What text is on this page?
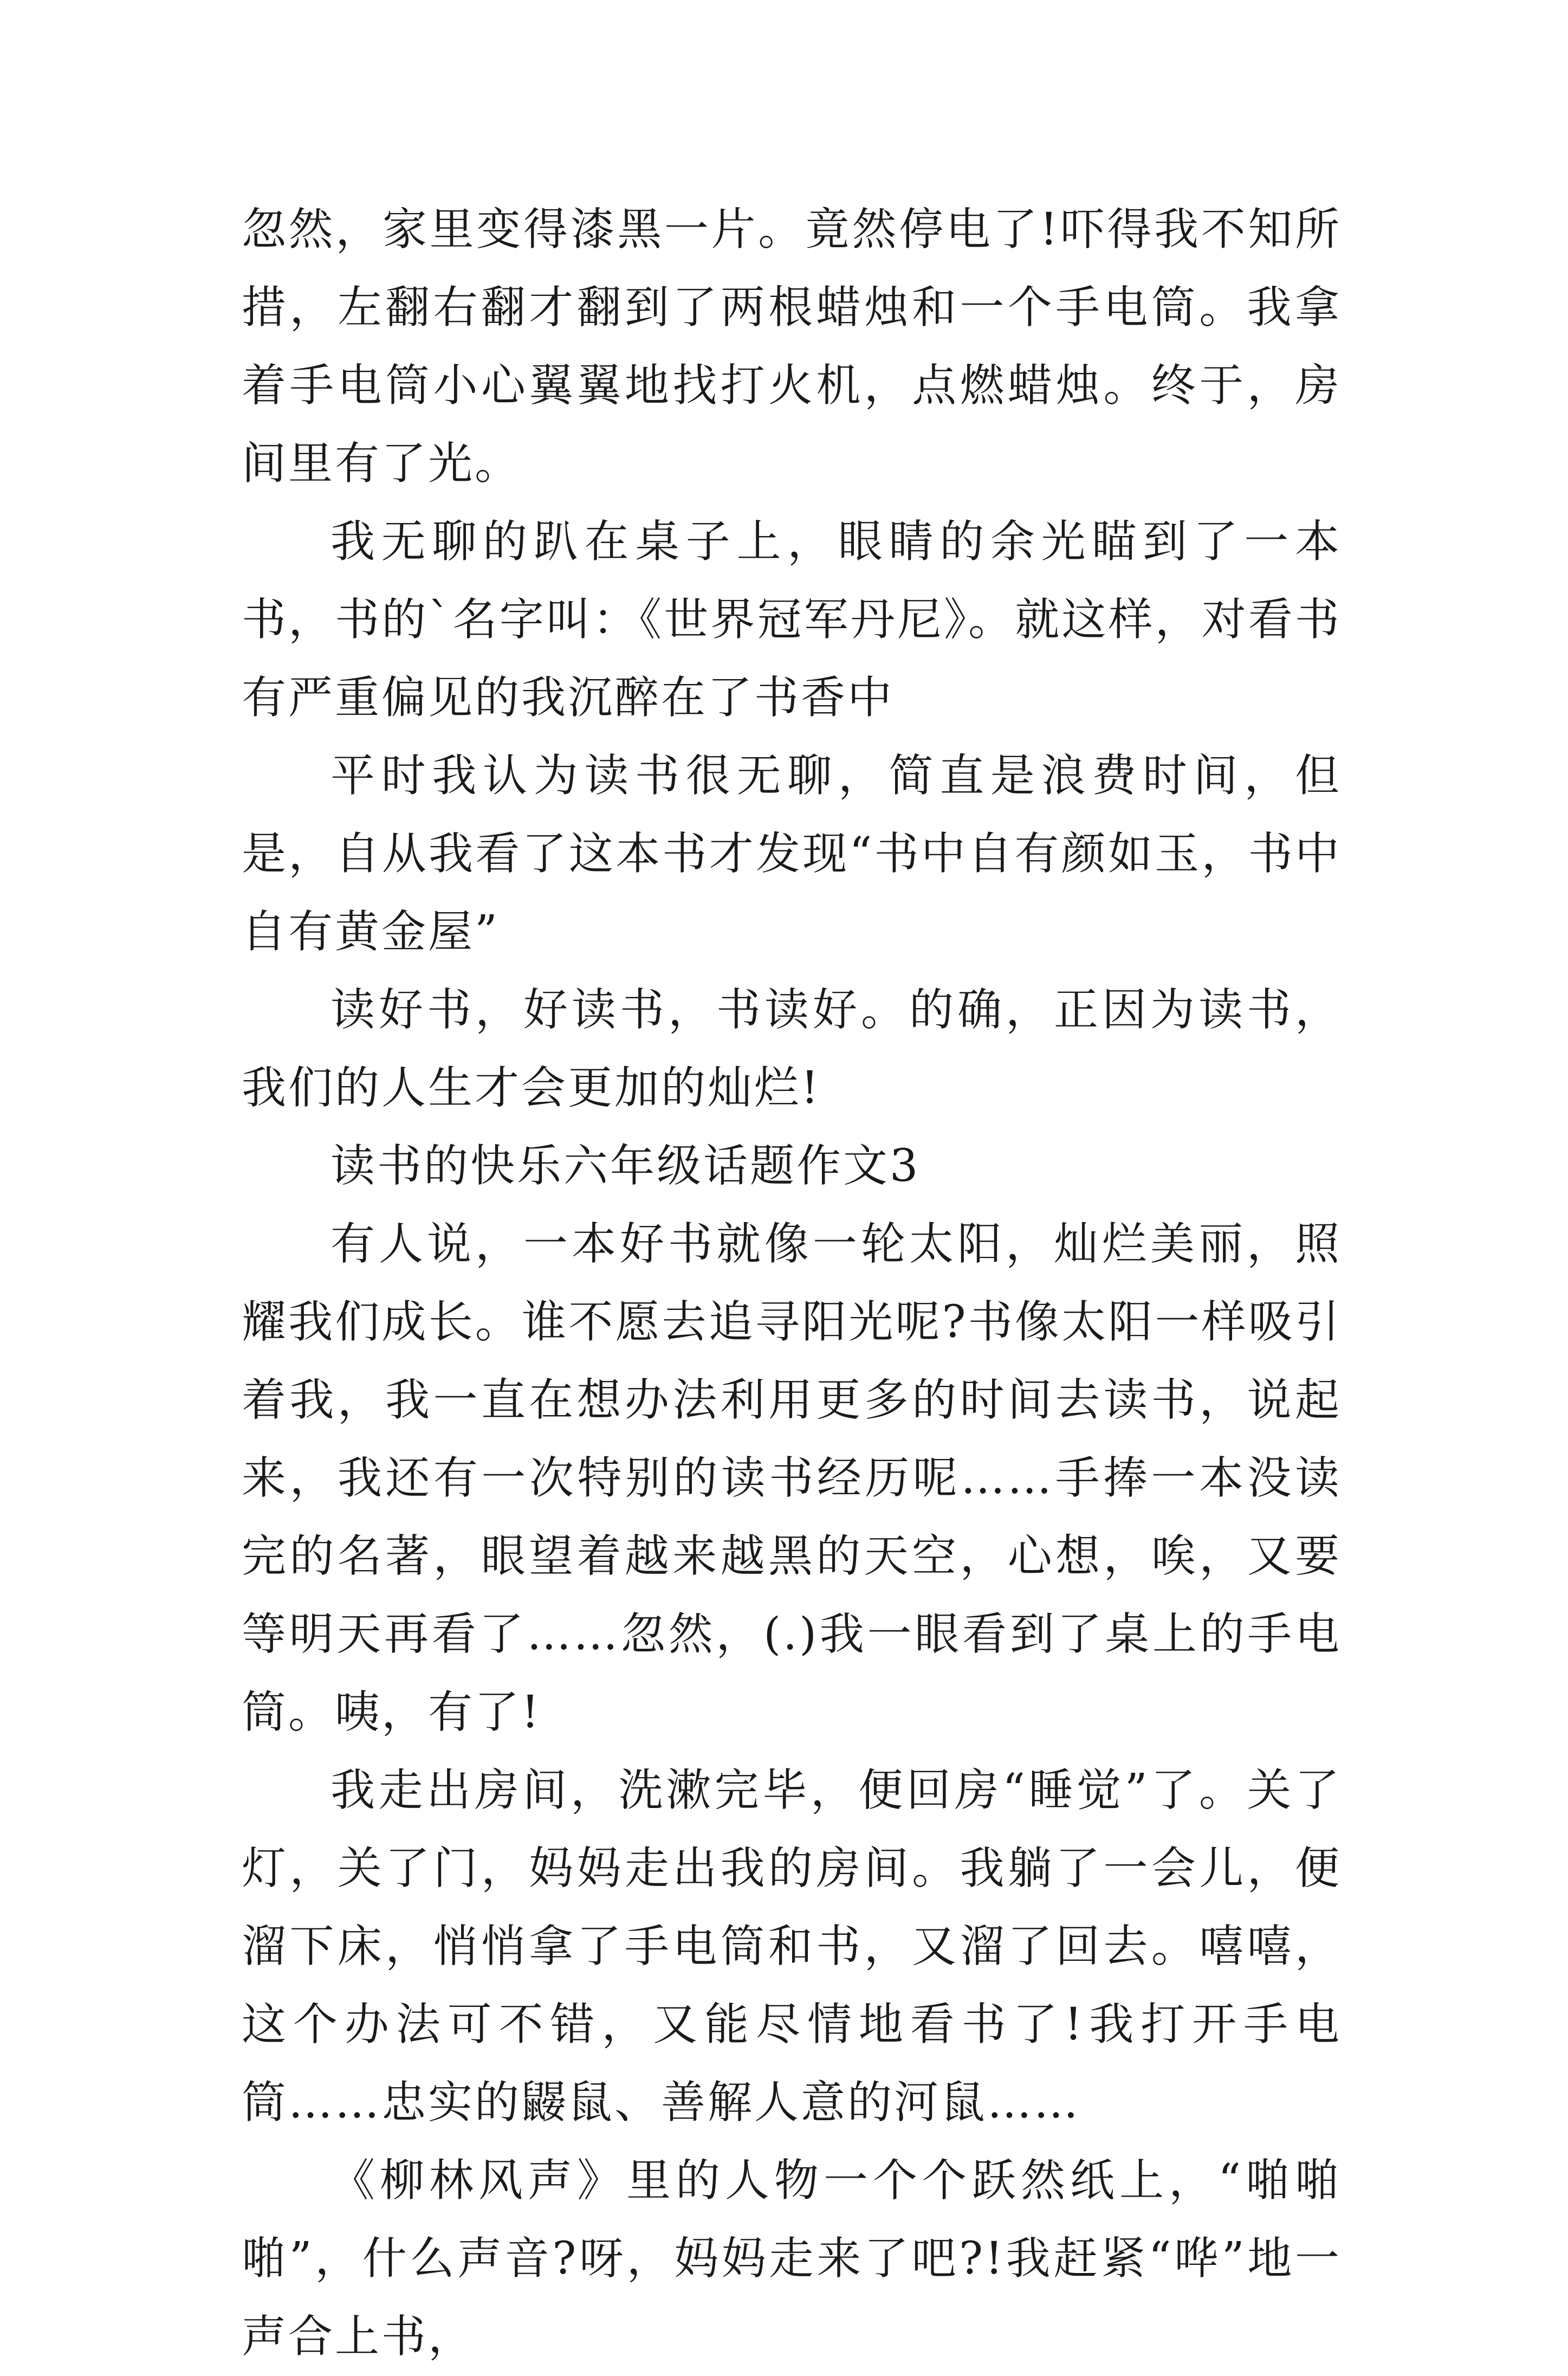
忽然，家里变得漆黑一片。竟然停电了!吓得我不知所措，左翻右翻才翻到了两根蜡烛和一个手电筒。我拿着手电筒小心翼翼地找打火机，点燃蜡烛。终于，房间里有了光。

我无聊的趴在桌子上，眼睛的余光瞄到了一本书，书的`名字叫：《世界冠军丹尼》。就这样，对看书有严重偏见的我沉醉在了书香中

平时我认为读书很无聊，简直是浪费时间，但是，自从我看了这本书才发现“书中自有颜如玉，书中自有黄金屋”

读好书，好读书，书读好。的确，正因为读书，我们的人生才会更加的灿烂!

读书的快乐六年级话题作文3

有人说，一本好书就像一轮太阳，灿烂美丽，照耀我们成长。谁不愿去追寻阳光呢?书像太阳一样吸引着我，我一直在想办法利用更多的时间去读书，说起来，我还有一次特别的读书经历呢……手捧一本没读完的名著，眼望着越来越黑的天空，心想，唉，又要等明天再看了……忽然，(.)我一眼看到了桌上的手电筒。咦，有了!

我走出房间，洗漱完毕，便回房“睡觉”了。关了灯，关了门，妈妈走出我的房间。我躺了一会儿，便溜下床，悄悄拿了手电筒和书，又溜了回去。嘻嘻，这个办法可不错，又能尽情地看书了!我打开手电筒……忠实的鼹鼠、善解人意的河鼠……

《柳林风声》里的人物一个个跃然纸上，“啪啪啪”，什么声音?呀，妈妈走来了吧?!我赶紧“哗”地一声合上书，
